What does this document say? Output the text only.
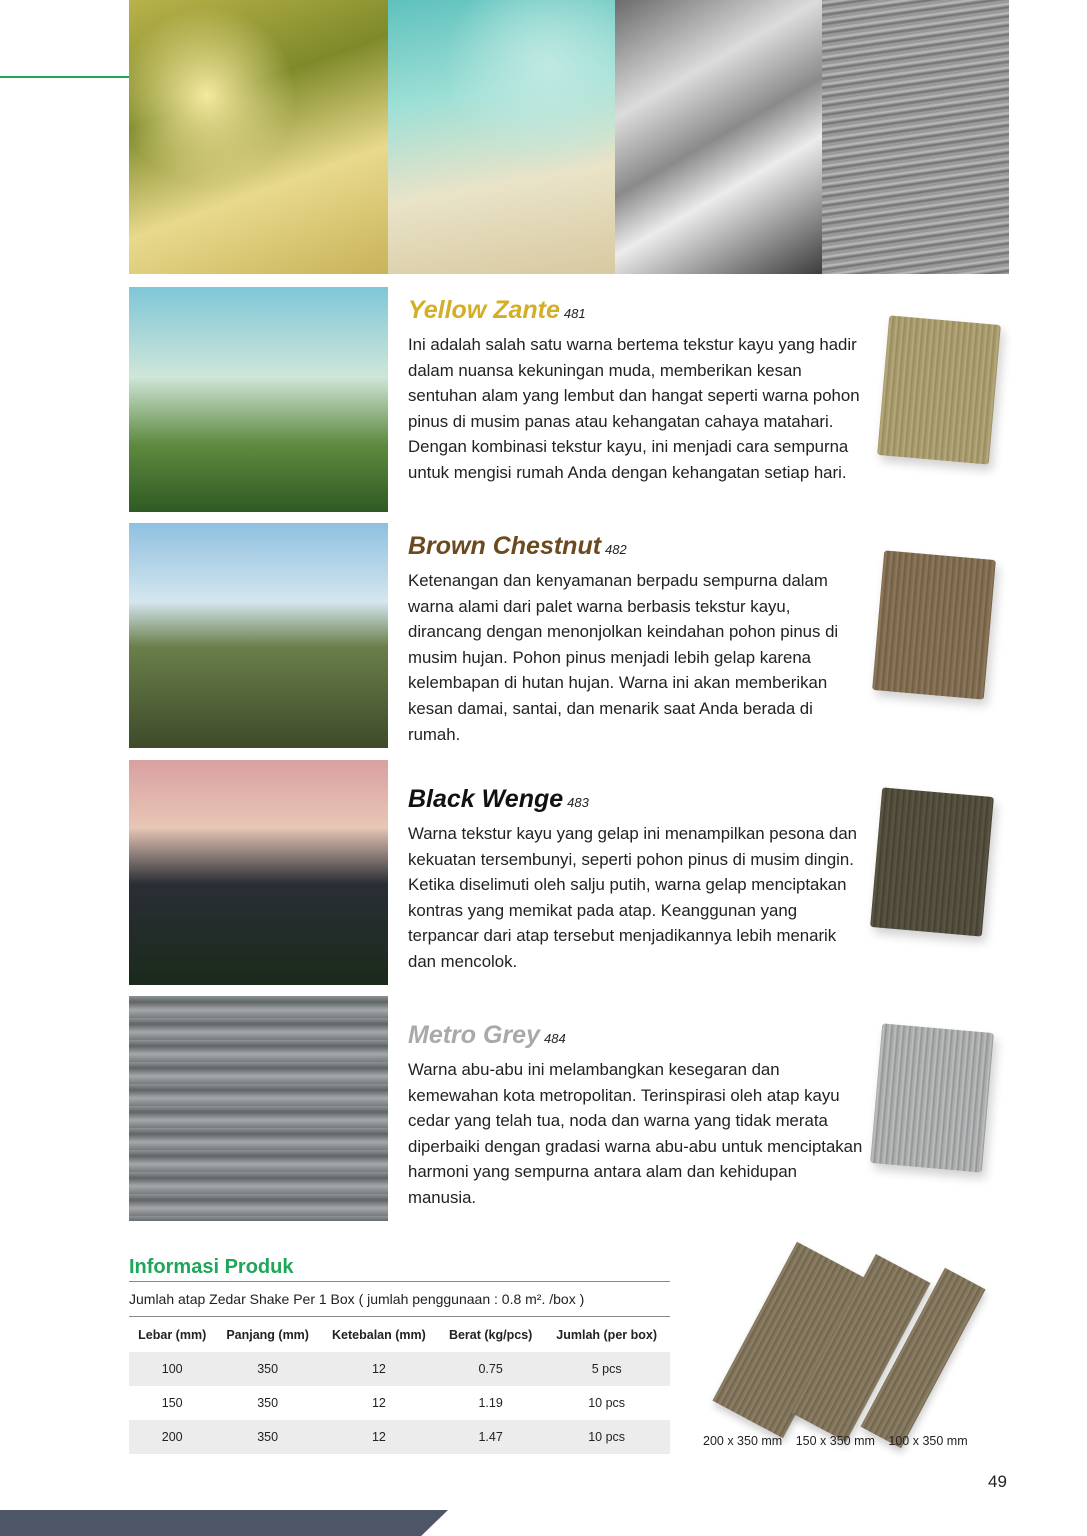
Yellow Zante 481
Ini adalah salah satu warna bertema tekstur kayu yang hadir dalam nuansa kekuningan muda, memberikan kesan sentuhan alam yang lembut dan hangat seperti warna pohon pinus di musim panas atau kehangatan cahaya matahari. Dengan kombinasi tekstur kayu, ini menjadi cara sempurna untuk mengisi rumah Anda dengan kehangatan setiap hari.
Brown Chestnut 482
Ketenangan dan kenyamanan berpadu sempurna dalam warna alami dari palet warna berbasis tekstur kayu, dirancang dengan menonjolkan keindahan pohon pinus di musim hujan. Pohon pinus menjadi lebih gelap karena kelembapan di hutan hujan. Warna ini akan memberikan kesan damai, santai, dan menarik saat Anda berada di rumah.
Black Wenge 483
Warna tekstur kayu yang gelap ini menampilkan pesona dan kekuatan tersembunyi, seperti pohon pinus di musim dingin. Ketika diselimuti oleh salju putih, warna gelap menciptakan kontras yang memikat pada atap. Keanggunan yang terpancar dari atap tersebut menjadikannya lebih menarik dan mencolok.
Metro Grey 484
Warna abu-abu ini melambangkan kesegaran dan kemewahan kota metropolitan. Terinspirasi oleh atap kayu cedar yang telah tua, noda dan warna yang tidak merata diperbaiki dengan gradasi warna abu-abu untuk menciptakan harmoni yang sempurna antara alam dan kehidupan manusia.
Informasi Produk
Jumlah atap Zedar Shake Per 1 Box ( jumlah penggunaan : 0.8 m². /box )
Lebar (mm)	Panjang (mm)	Ketebalan (mm)	Berat (kg/pcs)	Jumlah (per box)
100	350	12	0.75	5 pcs
150	350	12	1.19	10 pcs
200	350	12	1.47	10 pcs	200 x 350 mm 150 x 350 mm 100 x 350 mm
49
